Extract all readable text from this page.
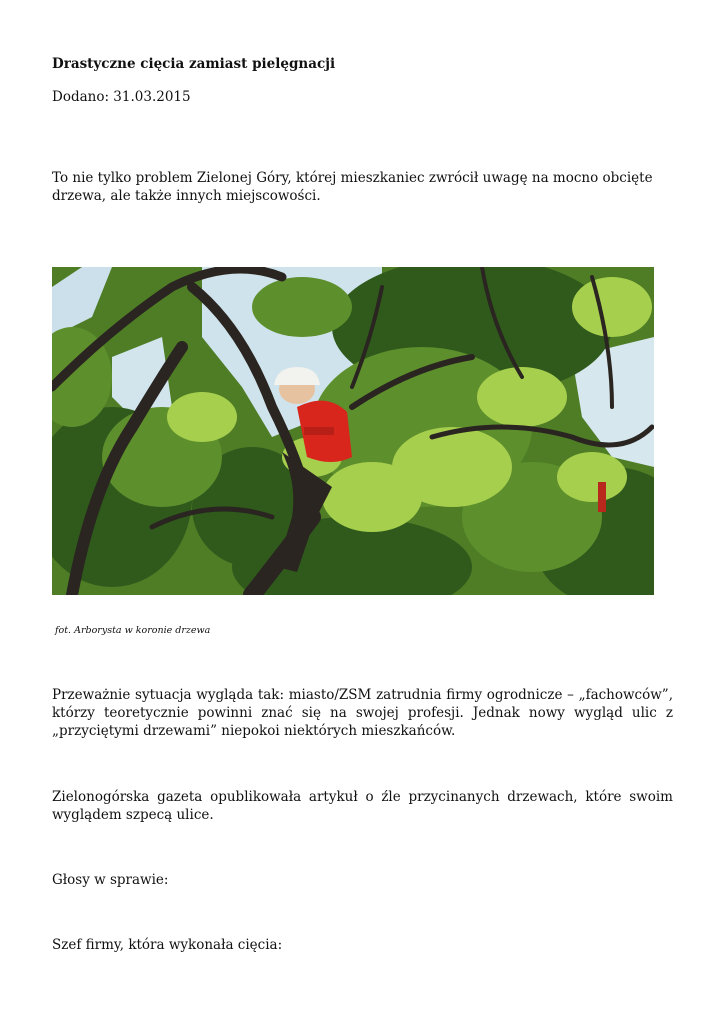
Drastyczne cięcia zamiast pielęgnacji

Dodano: 31.03.2015

To nie tylko problem Zielonej Góry, której mieszkaniec zwrócił uwagę na mocno obcięte drzewa, ale także innych miejscowości.

fot. Arborysta w koronie drzewa

Przeważnie sytuacja wygląda tak: miasto/ZSM zatrudnia firmy ogrodnicze – „fachowców”, którzy teoretycznie powinni znać się na swojej profesji. Jednak nowy wygląd ulic z „przyciętymi drzewami” niepokoi niektórych mieszkańców.

Zielonogórska gazeta opublikowała artykuł o źle przycinanych drzewach, które swoim wyglądem szpecą ulice.

Głosy w sprawie:

Szef firmy, która wykonała cięcia:
